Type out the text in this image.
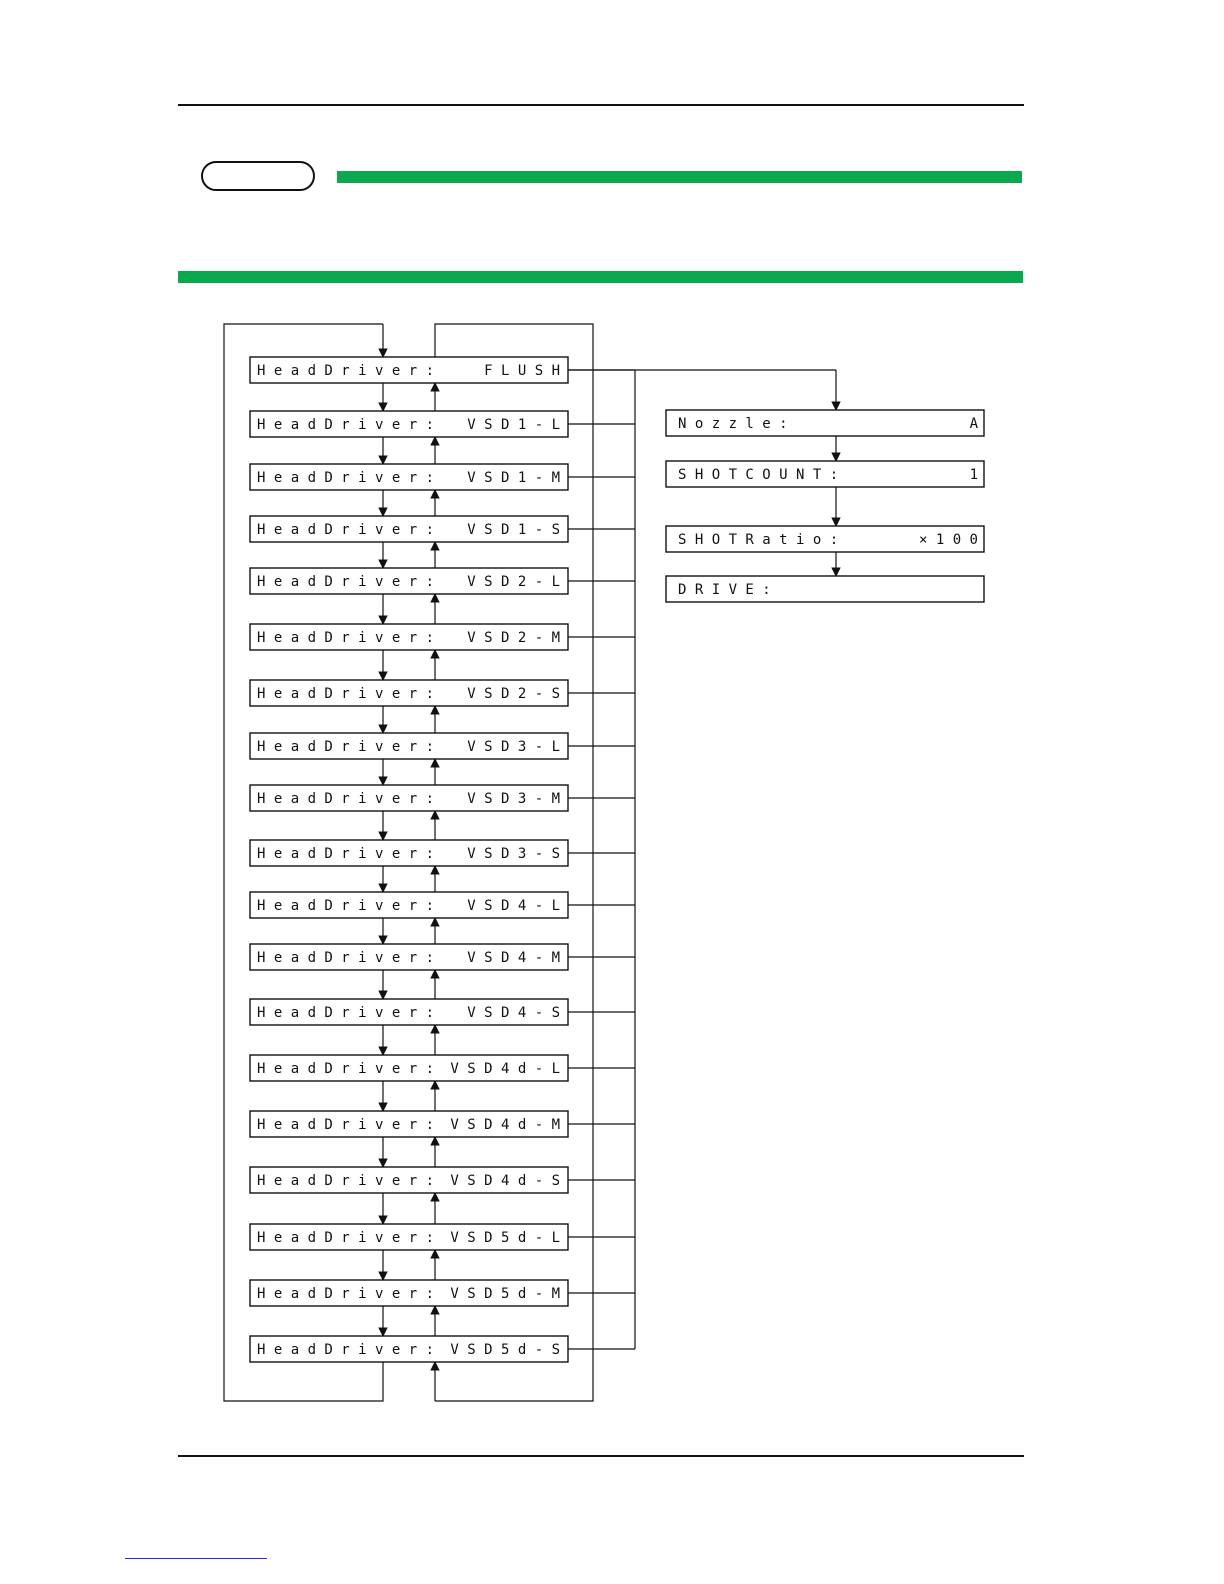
H e a d D r i v e r :	F L U S H
H e a d D r i v e r : V S D 1 - L
H e a d D r i v e r : V S D 1 - M
H e a d D r i v e r : V S D 1 - S
H e a d D r i v e r : V S D 2 - L
H e a d D r i v e r : V S D 2 - M
H e a d D r i v e r : V S D 2 - S
H e a d D r i v e r : V S D 3 - L
H e a d D r i v e r : V S D 3 - M
H e a d D r i v e r : V S D 3 - S
H e a d D r i v e r : V S D 4 - L
H e a d D r i v e r : V S D 4 - M
H e a d D r i v e r : V S D 4 - S
H e a d D r i v e r : V S D 4 d - L
H e a d D r i v e r : V S D 4 d - M
H e a d D r i v e r : V S D 4 d - S
H e a d D r i v e r : V S D 5 d - L
H e a d D r i v e r : V S D 5 d - M
H e a d D r i v e r : V S D 5 d - S
N o z z l e :	A
S H O T C O U N T :	1
S H O T R a t i o :	× 1 0 0
D R I V E :
